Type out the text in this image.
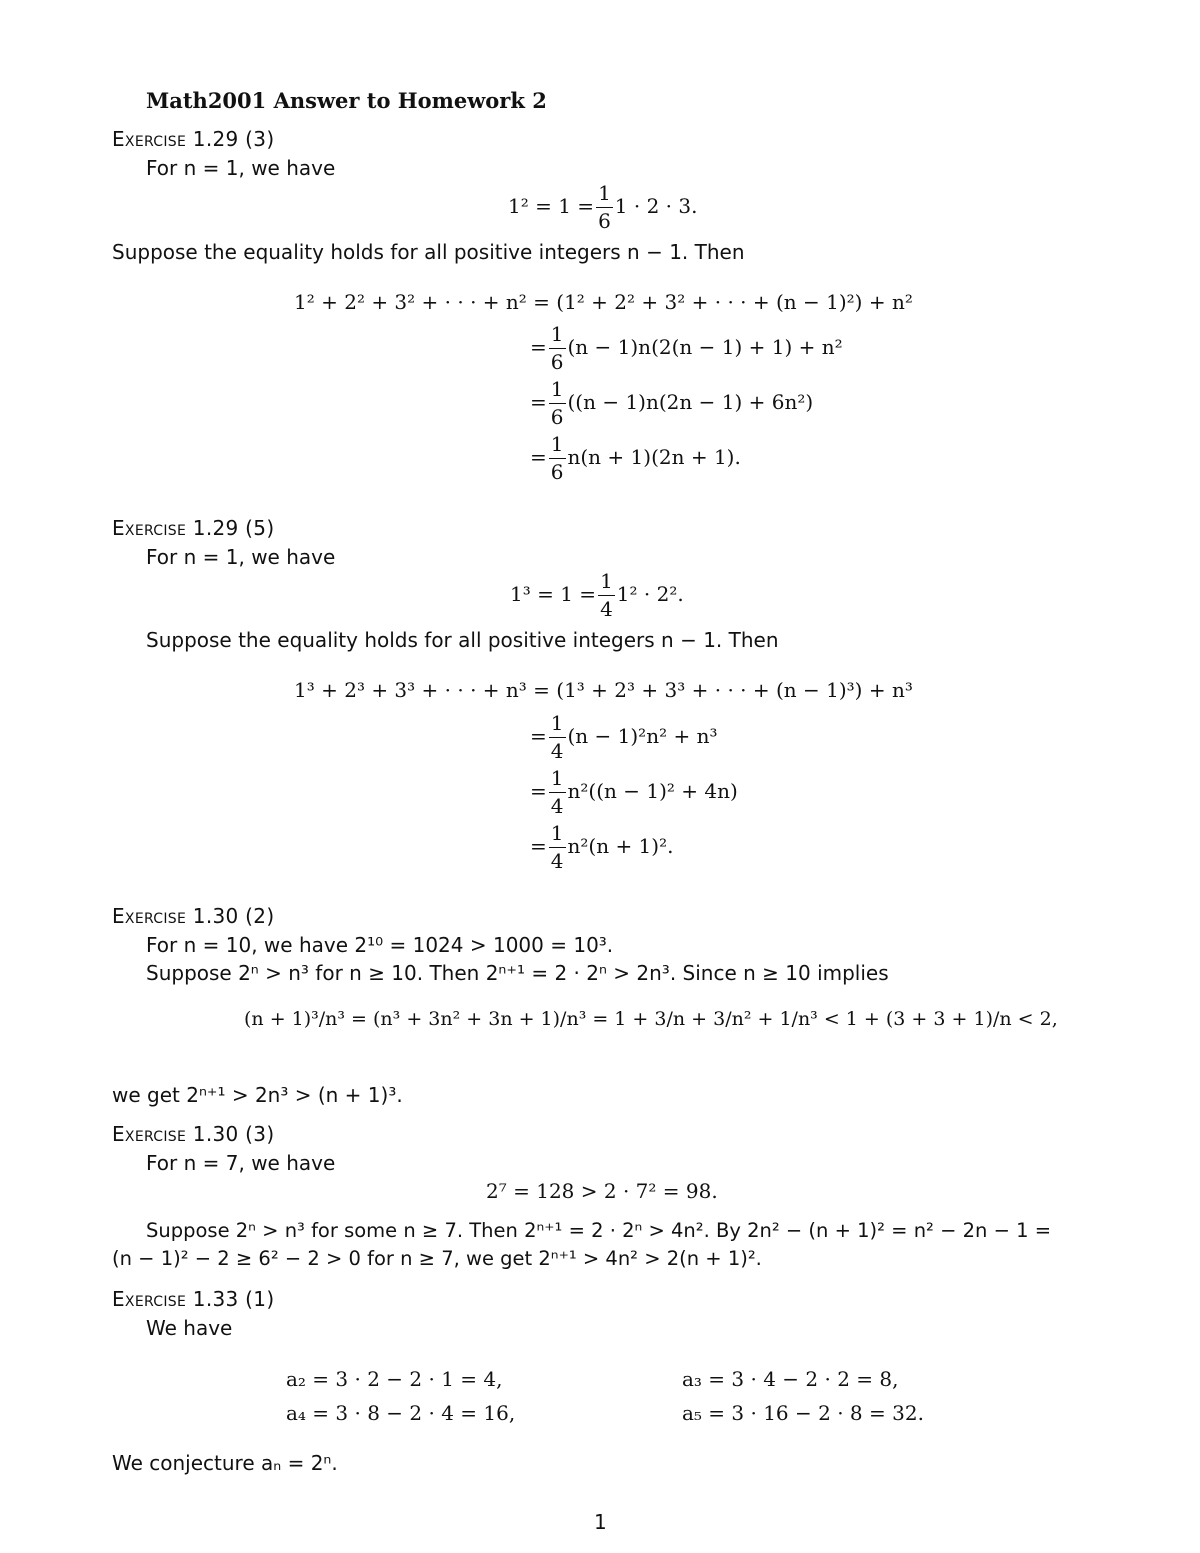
Math2001 Answer to Homework 2
Exercise 1.29 (3)
For n = 1, we have
$1^2 = 1 = \frac{1}{6} 1 \cdot 2 \cdot 3$.
Suppose the equality holds for all positive integers n − 1. Then
1² + 2² + 3² + · · · + n² = (1² + 2² + 3² + · · · + (n − 1)²) + n²
= $\frac{1}{6} (n - 1)n(2(n - 1) + 1) + n^2$
= $\frac{1}{6} ((n - 1)n(2n - 1) + 6n^2)$
= $\frac{1}{6} n(n + 1)(2n + 1)$.
Exercise 1.29 (5)
For n = 1, we have
$1^3 = 1 = \frac{1}{4} 1^2 \cdot 2^2$.
Suppose the equality holds for all positive integers n − 1. Then
1³ + 2³ + 3³ + · · · + n³ = (1³ + 2³ + 3³ + · · · + (n − 1)³) + n³
= $\frac{1}{4} (n - 1)^2n^2 + n^3$
= $\frac{1}{4} n^2((n - 1)^2 + 4n)$
= $\frac{1}{4} n^2(n + 1)^2$.
Exercise 1.30 (2)
For n = 10, we have 2¹⁰ = 1024 > 1000 = 10³.
Suppose 2ⁿ > n³ for n ≥ 10. Then 2ⁿ⁺¹ = 2 · 2ⁿ > 2n³. Since n ≥ 10 implies
(n + 1)³/n³ = (n³ + 3n² + 3n + 1)/n³ = 1 + 3/n + 3/n² + 1/n³ < 1 + (3 + 3 + 1)/n < 2,
we get 2ⁿ⁺¹ > 2n³ > (n + 1)³.
Exercise 1.30 (3)
For n = 7, we have
2⁷ = 128 > 2 · 7² = 98.
Suppose 2ⁿ > n³ for some n ≥ 7. Then 2ⁿ⁺¹ = 2 · 2ⁿ > 4n². By 2n² − (n + 1)² = n² − 2n − 1 =
(n − 1)² − 2 ≥ 6² − 2 > 0 for n ≥ 7, we get 2ⁿ⁺¹ > 4n² > 2(n + 1)².
Exercise 1.33 (1)
We have
a₂ = 3 · 2 − 2 · 1 = 4,	a₃ = 3 · 4 − 2 · 2 = 8,
a₄ = 3 · 8 − 2 · 4 = 16,	a₅ = 3 · 16 − 2 · 8 = 32.
We conjecture aₙ = 2ⁿ.
1
